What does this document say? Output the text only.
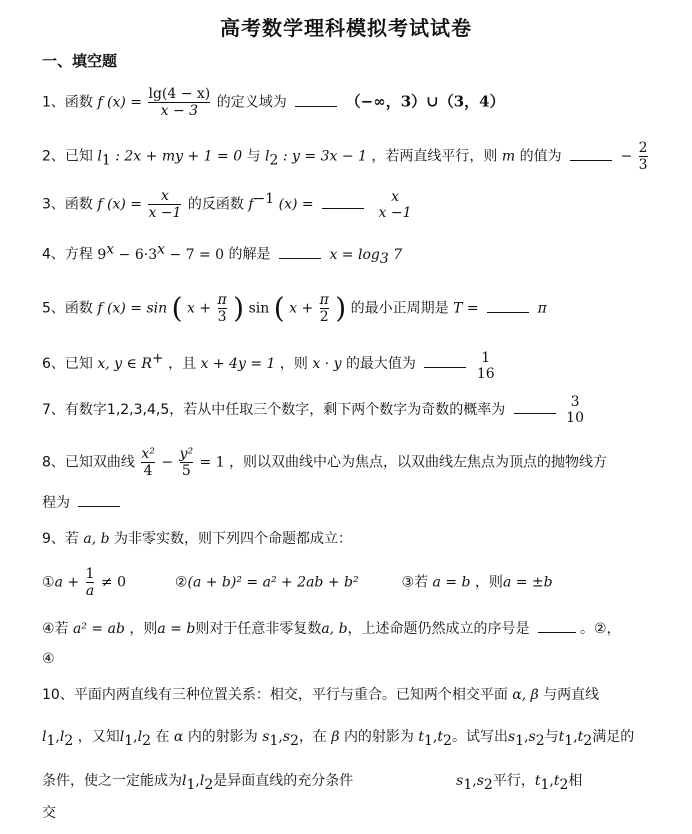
高考数学理科模拟考试试卷
一、填空题
1、函数 f $(x) = \frac{\lg(4 - x)}{x - 3}$ 的定义域为	（−∞，3）∪（3，4）
2、已知 $l_1$ : 2x + my + 1 = 0 与 $l_2$ : y = 3x − 1 ，若两直线平行，则 m 的值为	− $\frac{2}{3}$
3、函数 f $(x) = \frac{x}{x -1}$ 的反函数 $f^{-1}$ (x) =	x
x −1
4、方程 $9^x - 6\cdot 3^x - 7 = 0$ 的解是	$x = \log_3 7$
5、函数 f (x) = sin ( $x + \frac{\pi}{3}$ ) sin ( $x + \frac{\pi}{2}$ ) 的最小正周期是 T =	π
6、已知 x, y ∈ R+ ，且 x + 4y = 1 ，则 x · y 的最大值为	1
16
7、有数字1,2,3,4,5，若从中任取三个数字，剩下两个数字为奇数的概率为	3
10
8、已知双曲线 $\frac{\text{x²}}{4} - \frac{\text{y²}}{5} = 1$ ，则以双曲线中心为焦点，以双曲线左焦点为顶点的抛物线方
程为
9、若 a, b 为非零实数，则下列四个命题都成立：
①a + $\frac{1}{a} \ne 0$	②(a + b)² = a² + 2ab + b²	③若 a = b ，则a = ±b
④若 a² = ab ，则a = b则对于任意非零复数a, b，上述命题仍然成立的序号是	。②，
④
10、平面内两直线有三种位置关系：相交，平行与重合。已知两个相交平面 α, β 与两直线
$l_1,l_2$ ，又知$l_1,l_2$ 在 α 内的射影为 $s_1,s_2$，在 β 内的射影为 $t_1,t_2$。试写出$s_1,s_2$与$t_1,t_2$满足的
条件，使之一定能成为$l_1,l_2$是异面直线的充分条件	$s_1,s_2$平行，$t_1,t_2$相
交
